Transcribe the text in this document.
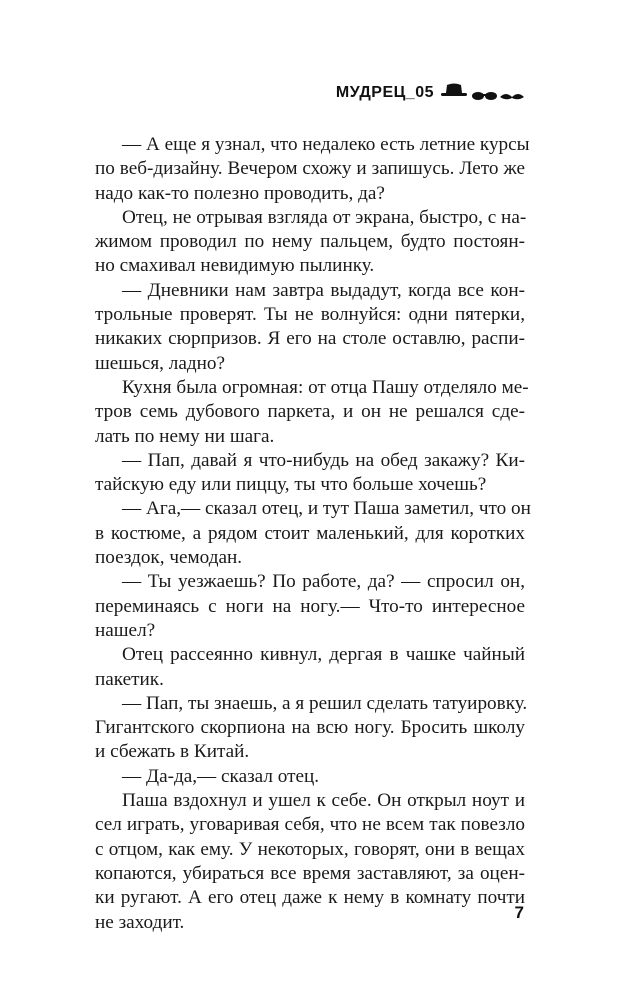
МУДРЕЦ_05

— А еще я узнал, что недалеко есть летние курсы
по веб-дизайну. Вечером схожу и запишусь. Лето же
надо как-то полезно проводить, да?

Отец, не отрывая взгляда от экрана, быстро, с на-
жимом проводил по нему пальцем, будто постоян-
но смахивал невидимую пылинку.

— Дневники нам завтра выдадут, когда все кон-
трольные проверят. Ты не волнуйся: одни пятерки,
никаких сюрпризов. Я его на столе оставлю, распи-
шешься, ладно?

Кухня была огромная: от отца Пашу отделяло ме-
тров семь дубового паркета, и он не решался сде-
лать по нему ни шага.

— Пап, давай я что-нибудь на обед закажу? Ки-
тайскую еду или пиццу, ты что больше хочешь?

— Ага,— сказал отец, и тут Паша заметил, что он
в костюме, а рядом стоит маленький, для коротких
поездок, чемодан.

— Ты уезжаешь? По работе, да? — спросил он,
переминаясь с ноги на ногу.— Что-то интересное
нашел?

Отец рассеянно кивнул, дергая в чашке чайный
пакетик.

— Пап, ты знаешь, а я решил сделать татуировку.
Гигантского скорпиона на всю ногу. Бросить школу
и сбежать в Китай.

— Да-да,— сказал отец.

Паша вздохнул и ушел к себе. Он открыл ноут и
сел играть, уговаривая себя, что не всем так повезло
с отцом, как ему. У некоторых, говорят, они в вещах
копаются, убираться все время заставляют, за оцен-
ки ругают. А его отец даже к нему в комнату почти
не заходит.	7
